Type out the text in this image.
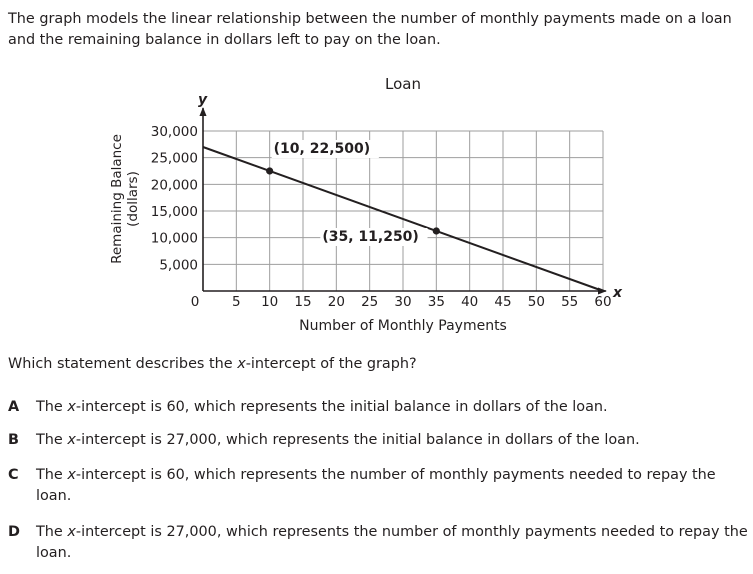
The graph models the linear relationship between the number of monthly payments made on a loan and the remaining balance in dollars left to pay on the loan.

Loan
5 10 15 20 25 30 35 40 45 50 55 60
5,000
10,000
15,000
20,000
25,000
30,000
(10, 22,500)
(35, 11,250)
Number of Monthly Payments
Remaining Balance (dollars)
x
y
0

Which statement describes the x-intercept of the graph?

A The x-intercept is 60, which represents the initial balance in dollars of the loan.
B The x-intercept is 27,000, which represents the initial balance in dollars of the loan.
C The x-intercept is 60, which represents the number of monthly payments needed to repay the loan.
D The x-intercept is 27,000, which represents the number of monthly payments needed to repay the loan.
